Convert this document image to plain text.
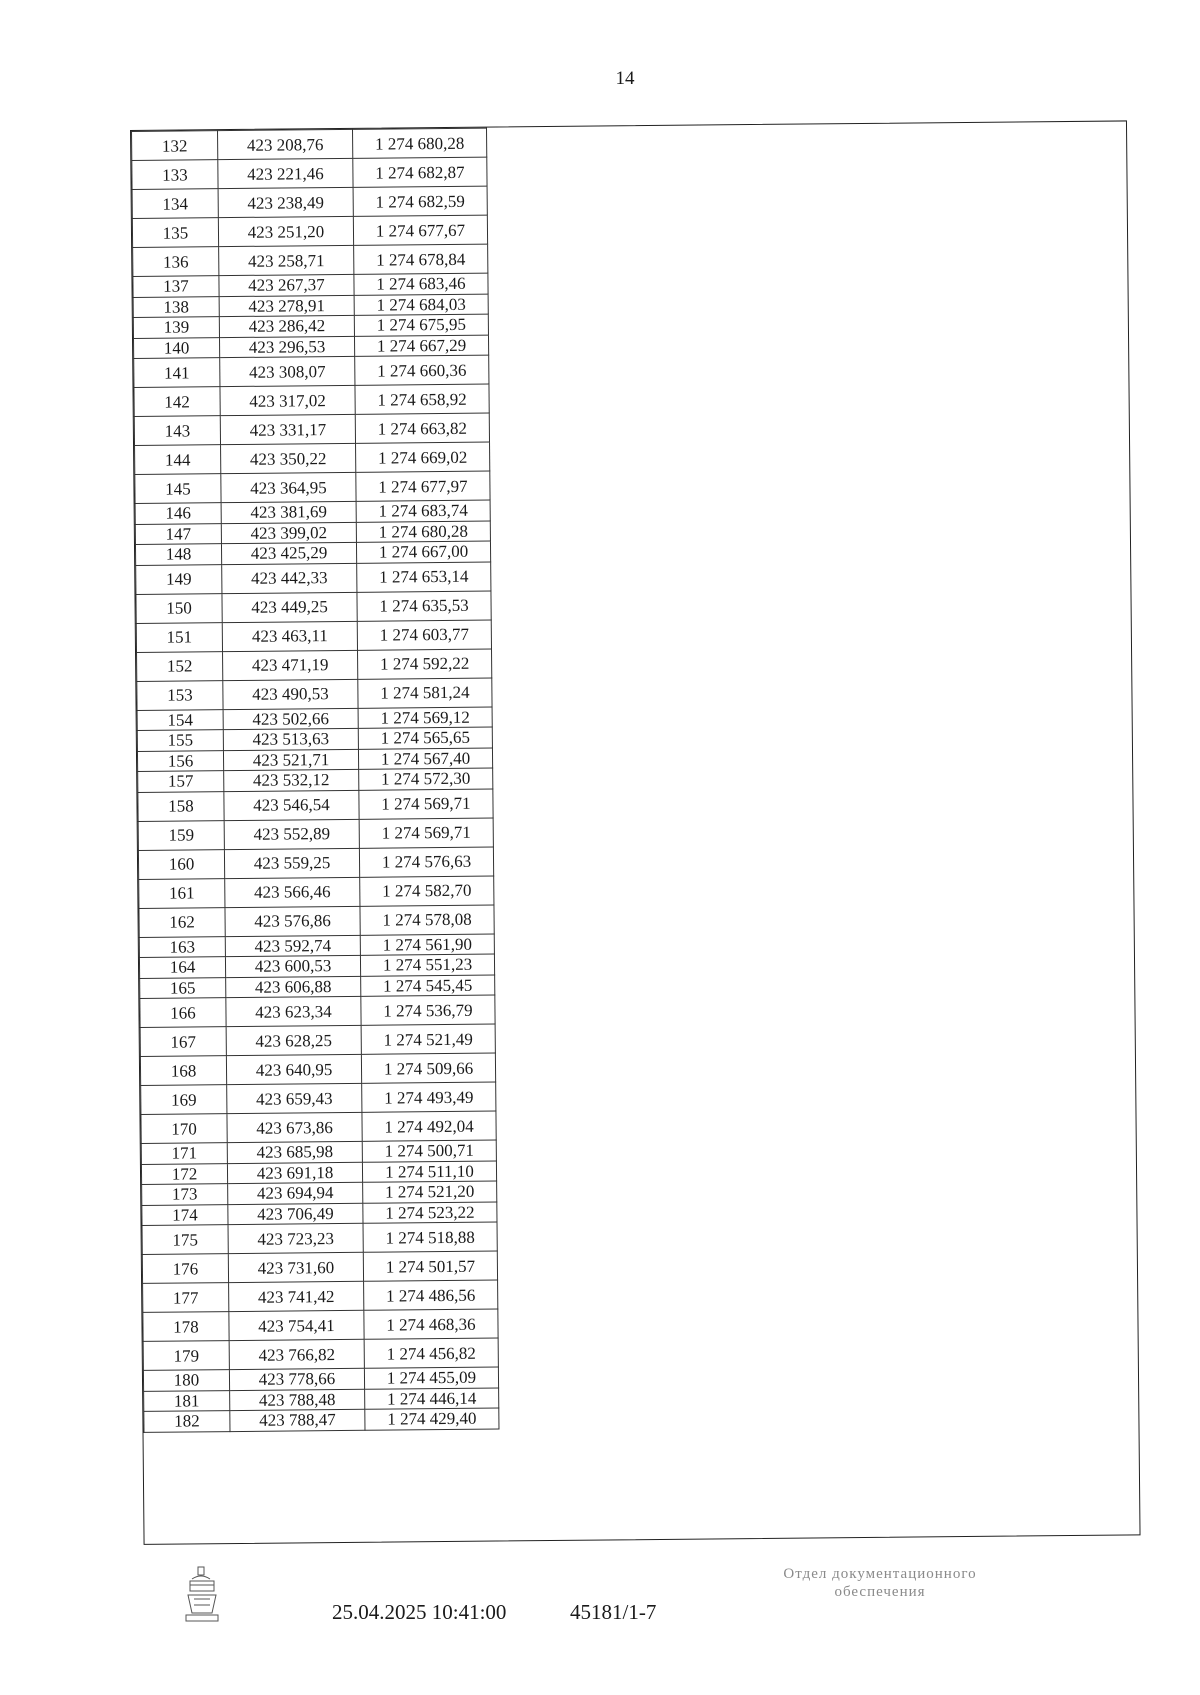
14
132	423 208,76	1 274 680,28
133	423 221,46	1 274 682,87
134	423 238,49	1 274 682,59
135	423 251,20	1 274 677,67
136	423 258,71	1 274 678,84
137	423 267,37	1 274 683,46
138	423 278,91	1 274 684,03
139	423 286,42	1 274 675,95
140	423 296,53	1 274 667,29
141	423 308,07	1 274 660,36
142	423 317,02	1 274 658,92
143	423 331,17	1 274 663,82
144	423 350,22	1 274 669,02
145	423 364,95	1 274 677,97
146	423 381,69	1 274 683,74
147	423 399,02	1 274 680,28
148	423 425,29	1 274 667,00
149	423 442,33	1 274 653,14
150	423 449,25	1 274 635,53
151	423 463,11	1 274 603,77
152	423 471,19	1 274 592,22
153	423 490,53	1 274 581,24
154	423 502,66	1 274 569,12
155	423 513,63	1 274 565,65
156	423 521,71	1 274 567,40
157	423 532,12	1 274 572,30
158	423 546,54	1 274 569,71
159	423 552,89	1 274 569,71
160	423 559,25	1 274 576,63
161	423 566,46	1 274 582,70
162	423 576,86	1 274 578,08
163	423 592,74	1 274 561,90
164	423 600,53	1 274 551,23
165	423 606,88	1 274 545,45
166	423 623,34	1 274 536,79
167	423 628,25	1 274 521,49
168	423 640,95	1 274 509,66
169	423 659,43	1 274 493,49
170	423 673,86	1 274 492,04
171	423 685,98	1 274 500,71
172	423 691,18	1 274 511,10
173	423 694,94	1 274 521,20
174	423 706,49	1 274 523,22
175	423 723,23	1 274 518,88
176	423 731,60	1 274 501,57
177	423 741,42	1 274 486,56
178	423 754,41	1 274 468,36
179	423 766,82	1 274 456,82
180	423 778,66	1 274 455,09
181	423 788,48	1 274 446,14
182	423 788,47	1 274 429,40
25.04.2025 10:41:00	45181/1-7
Отдел документационного
обеспечения
